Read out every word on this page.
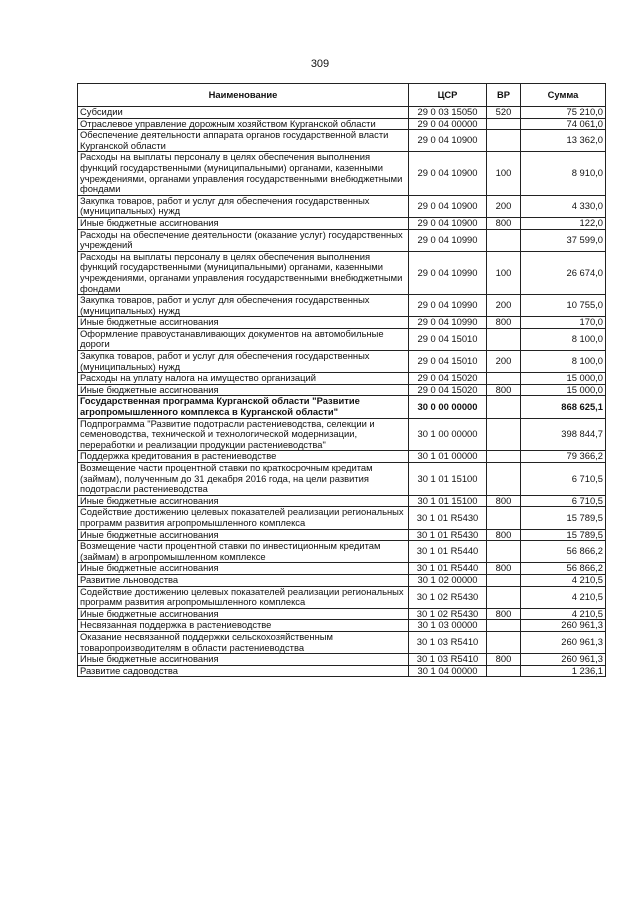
309
Наименование	ЦСР	ВР	Сумма
Субсидии	29 0 03 15050	520	75 210,0
Отраслевое управление дорожным хозяйством Курганской области	29 0 04 00000		74 061,0
Обеспечение деятельности аппарата органов государственной власти Курганской области	29 0 04 10900		13 362,0
Расходы на выплаты персоналу в целях обеспечения выполнения функций государственными (муниципальными) органами, казенными учреждениями, органами управления государственными внебюджетными фондами	29 0 04 10900	100	8 910,0
Закупка товаров, работ и услуг для обеспечения государственных (муниципальных) нужд	29 0 04 10900	200	4 330,0
Иные бюджетные ассигнования	29 0 04 10900	800	122,0
Расходы на обеспечение деятельности (оказание услуг) государственных учреждений	29 0 04 10990		37 599,0
Расходы на выплаты персоналу в целях обеспечения выполнения функций государственными (муниципальными) органами, казенными учреждениями, органами управления государственными внебюджетными фондами	29 0 04 10990	100	26 674,0
Закупка товаров, работ и услуг для обеспечения государственных (муниципальных) нужд	29 0 04 10990	200	10 755,0
Иные бюджетные ассигнования	29 0 04 10990	800	170,0
Оформление правоустанавливающих документов на автомобильные дороги	29 0 04 15010		8 100,0
Закупка товаров, работ и услуг для обеспечения государственных (муниципальных) нужд	29 0 04 15010	200	8 100,0
Расходы на уплату налога на имущество организаций	29 0 04 15020		15 000,0
Иные бюджетные ассигнования	29 0 04 15020	800	15 000,0
Государственная программа Курганской области "Развитие агропромышленного комплекса в Курганской области"	30 0 00 00000		868 625,1
Подпрограмма "Развитие подотрасли растениеводства, селекции и семеноводства, технической и технологической модернизации, переработки и реализации продукции растениеводства"	30 1 00 00000		398 844,7
Поддержка кредитования в растениеводстве	30 1 01 00000		79 366,2
Возмещение части процентной ставки по краткосрочным кредитам (займам), полученным до 31 декабря 2016 года, на цели развития подотрасли растениеводства	30 1 01 15100		6 710,5
Иные бюджетные ассигнования	30 1 01 15100	800	6 710,5
Содействие достижению целевых показателей реализации региональных программ развития агропромышленного комплекса	30 1 01 R5430		15 789,5
Иные бюджетные ассигнования	30 1 01 R5430	800	15 789,5
Возмещение части процентной ставки по инвестиционным кредитам (займам) в агропромышленном комплексе	30 1 01 R5440		56 866,2
Иные бюджетные ассигнования	30 1 01 R5440	800	56 866,2
Развитие льноводства	30 1 02 00000		4 210,5
Содействие достижению целевых показателей реализации региональных программ развития агропромышленного комплекса	30 1 02 R5430		4 210,5
Иные бюджетные ассигнования	30 1 02 R5430	800	4 210,5
Несвязанная поддержка в растениеводстве	30 1 03 00000		260 961,3
Оказание несвязанной поддержки сельскохозяйственным товаропроизводителям в области растениеводства	30 1 03 R5410		260 961,3
Иные бюджетные ассигнования	30 1 03 R5410	800	260 961,3
Развитие садоводства	30 1 04 00000		1 236,1
